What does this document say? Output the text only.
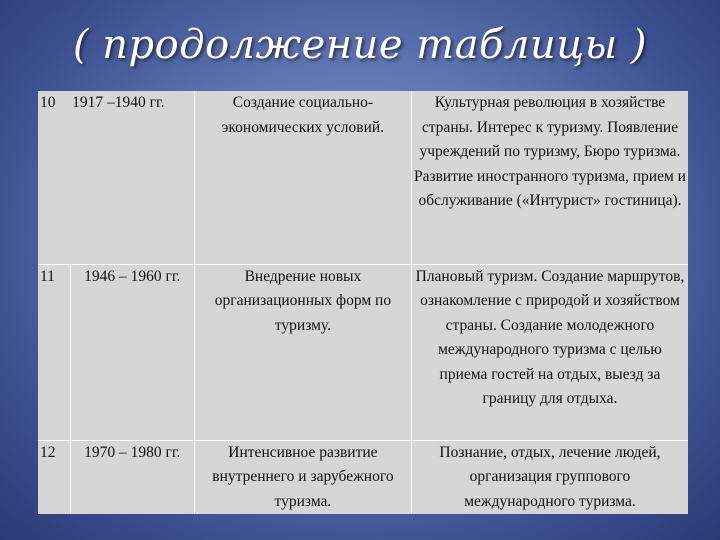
( продолжение таблицы )
10	1917 –1940 гг.	Создание социально-экономических условий.	Культурная революция в хозяйстве страны. Интерес к туризму. Появление учреждений по туризму, Бюро туризма. Развитие иностранного туризма, прием и обслуживание («Интурист» гостиница).
11	1946 – 1960 гг.	Внедрение новых организационных форм по туризму.	Плановый туризм. Создание маршрутов, ознакомление с природой и хозяйством страны. Создание молодежного международного туризма с целью приема гостей на отдых, выезд за границу для отдыха.
12	1970 – 1980 гг.	Интенсивное развитие внутреннего и зарубежного туризма.	Познание, отдых, лечение людей, организация группового международного туризма.
